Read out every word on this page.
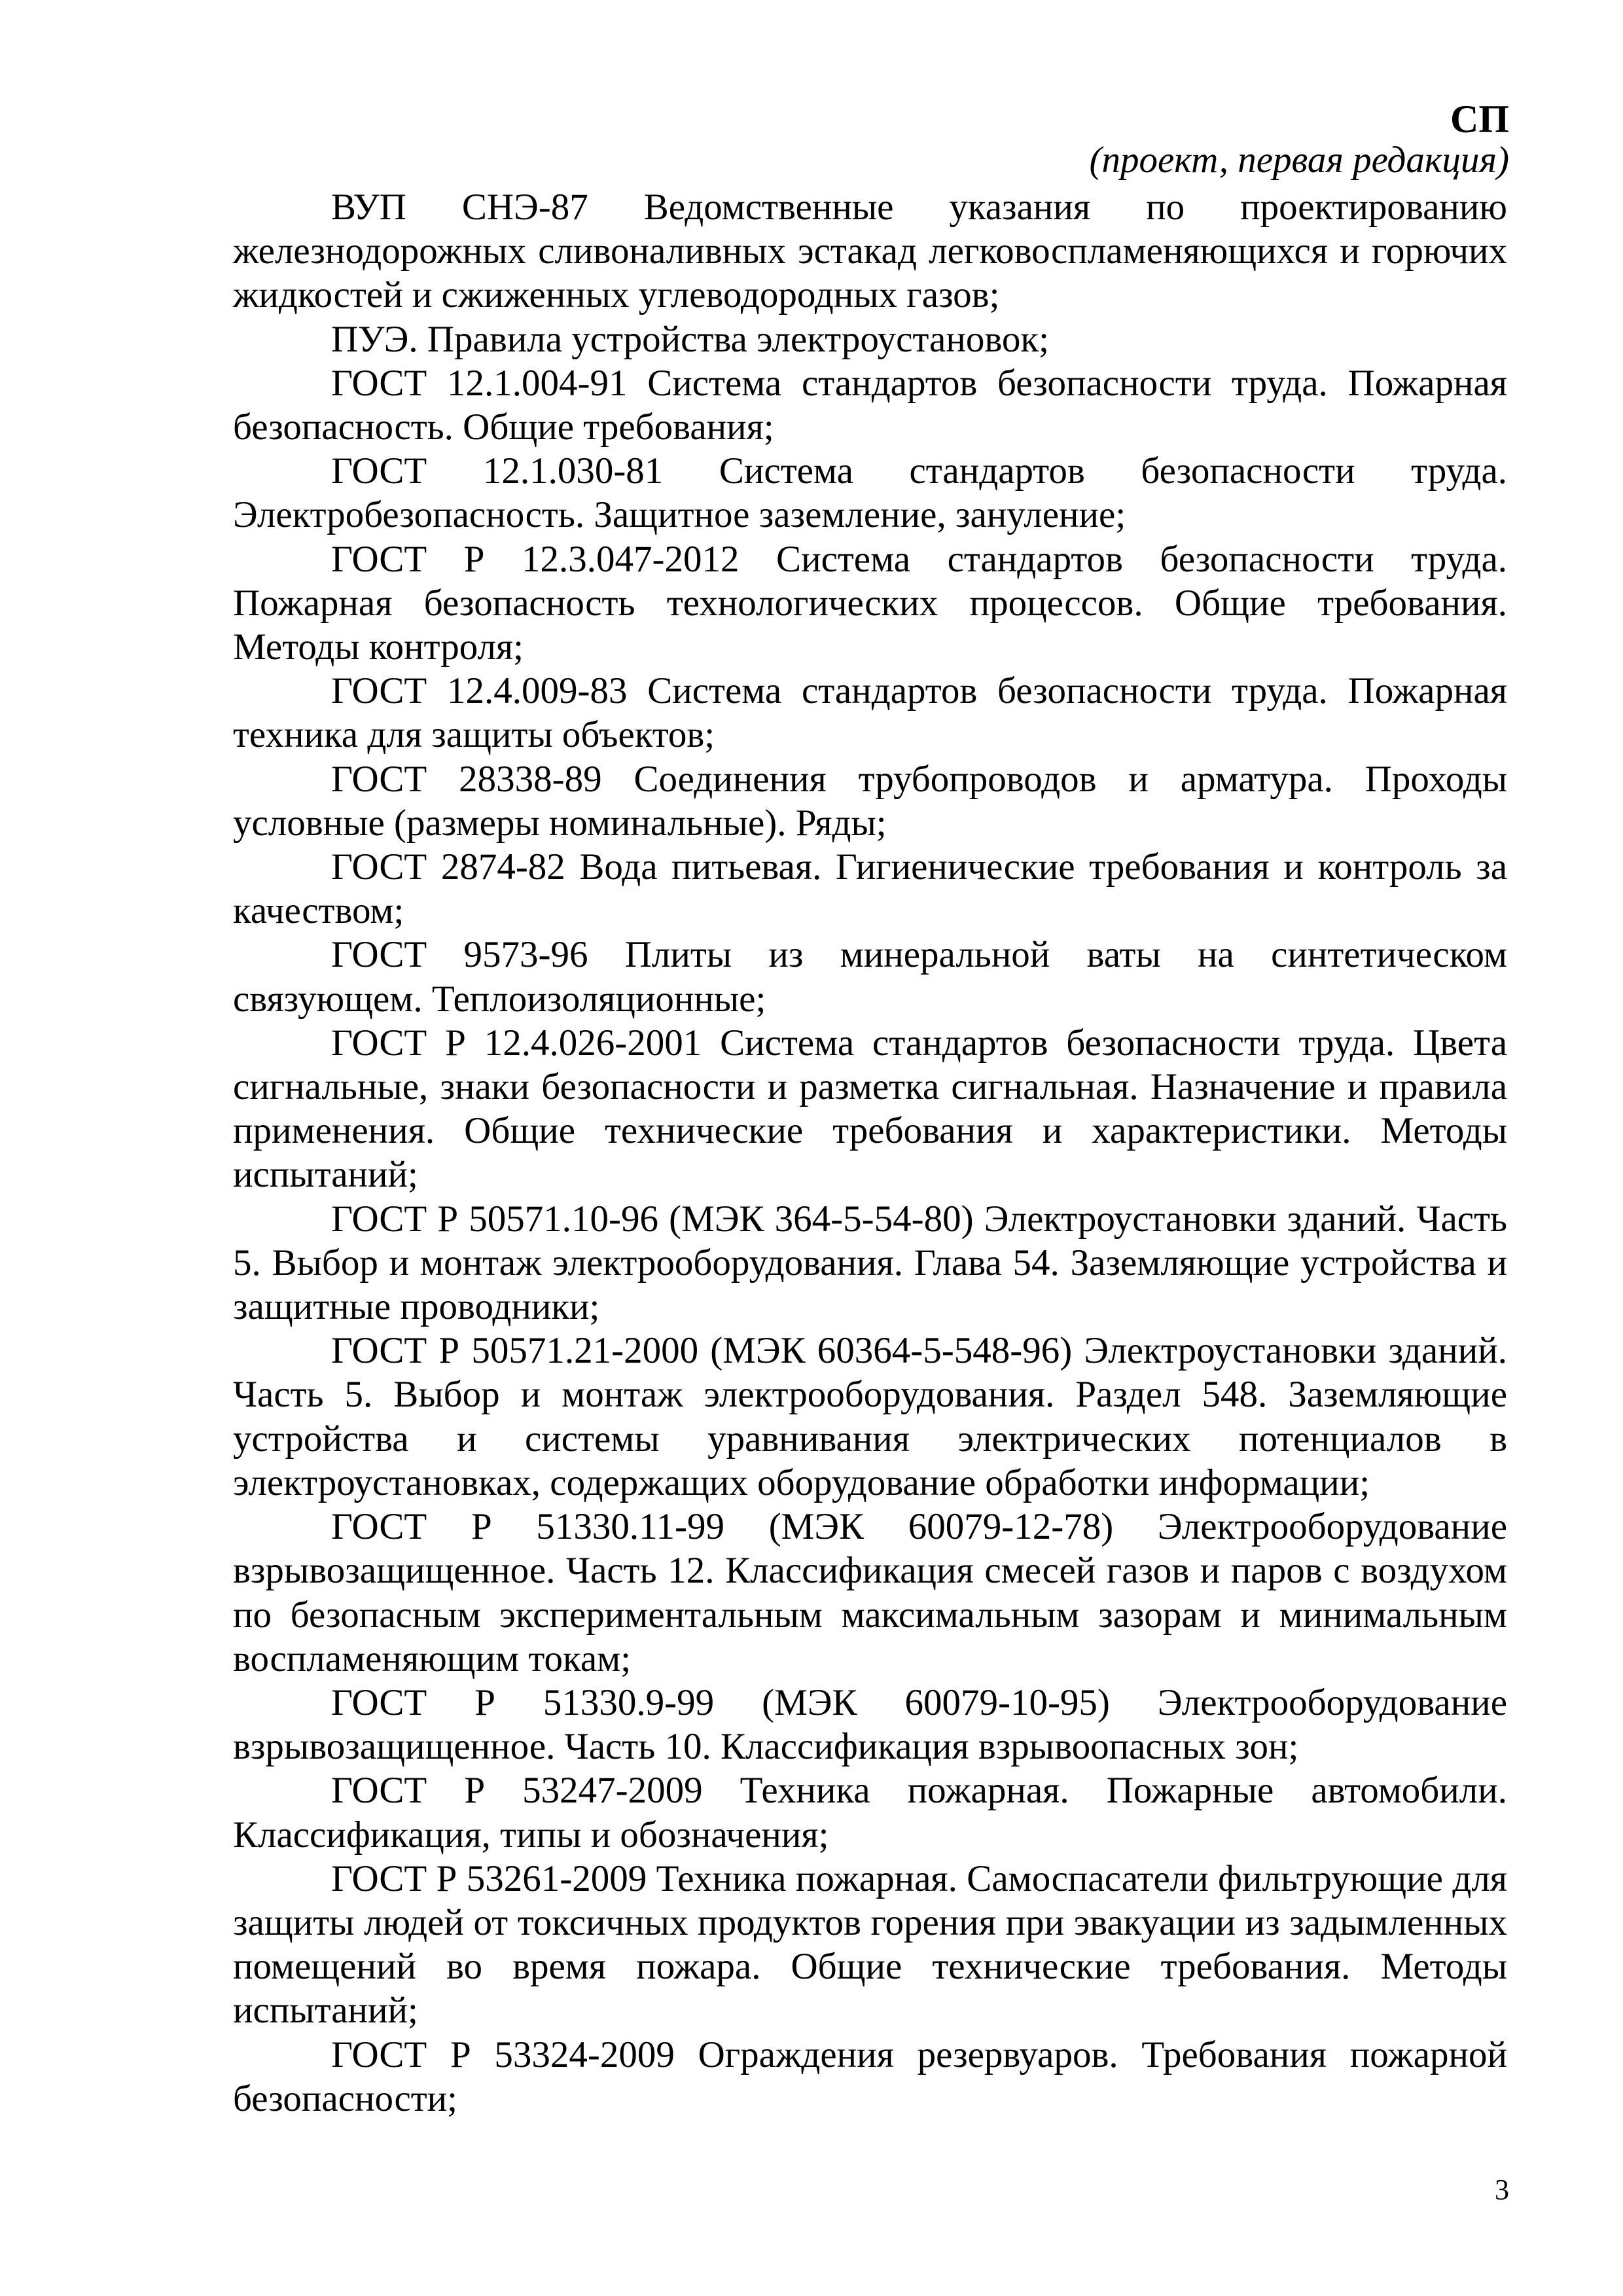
СП
(проект, первая редакция)

ВУП СНЭ-87 Ведомственные указания по проектированию железнодорожных сливоналивных эстакад легковоспламеняющихся и горючих жидкостей и сжиженных углеводородных газов;

ПУЭ. Правила устройства электроустановок;

ГОСТ 12.1.004-91 Система стандартов безопасности труда. Пожарная безопасность. Общие требования;

ГОСТ 12.1.030-81 Система стандартов безопасности труда. Электробезопасность. Защитное заземление, зануление;

ГОСТ Р 12.3.047-2012 Система стандартов безопасности труда. Пожарная безопасность технологических процессов. Общие требования. Методы контроля;

ГОСТ 12.4.009-83 Система стандартов безопасности труда. Пожарная техника для защиты объектов;

ГОСТ 28338-89 Соединения трубопроводов и арматура. Проходы условные (размеры номинальные). Ряды;

ГОСТ 2874-82 Вода питьевая. Гигиенические требования и контроль за качеством;

ГОСТ 9573-96 Плиты из минеральной ваты на синтетическом связующем. Теплоизоляционные;

ГОСТ Р 12.4.026-2001 Система стандартов безопасности труда. Цвета сигнальные, знаки безопасности и разметка сигнальная. Назначение и правила применения. Общие технические требования и характеристики. Методы испытаний;

ГОСТ Р 50571.10-96 (МЭК 364-5-54-80) Электроустановки зданий. Часть 5. Выбор и монтаж электрооборудования. Глава 54. Заземляющие устройства и защитные проводники;

ГОСТ Р 50571.21-2000 (МЭК 60364-5-548-96) Электроустановки зданий. Часть 5. Выбор и монтаж электрооборудования. Раздел 548. Заземляющие устройства и системы уравнивания электрических потенциалов в электроустановках, содержащих оборудование обработки информации;

ГОСТ Р 51330.11-99 (МЭК 60079-12-78) Электрооборудование взрывозащищенное. Часть 12. Классификация смесей газов и паров с воздухом по безопасным экспериментальным максимальным зазорам и минимальным воспламеняющим токам;

ГОСТ Р 51330.9-99 (МЭК 60079-10-95) Электрооборудование взрывозащищенное. Часть 10. Классификация взрывоопасных зон;

ГОСТ Р 53247-2009 Техника пожарная. Пожарные автомобили. Классификация, типы и обозначения;

ГОСТ Р 53261-2009 Техника пожарная. Самоспасатели фильтрующие для защиты людей от токсичных продуктов горения при эвакуации из задымленных помещений во время пожара. Общие технические требования. Методы испытаний;

ГОСТ Р 53324-2009 Ограждения резервуаров. Требования пожарной безопасности;

3
